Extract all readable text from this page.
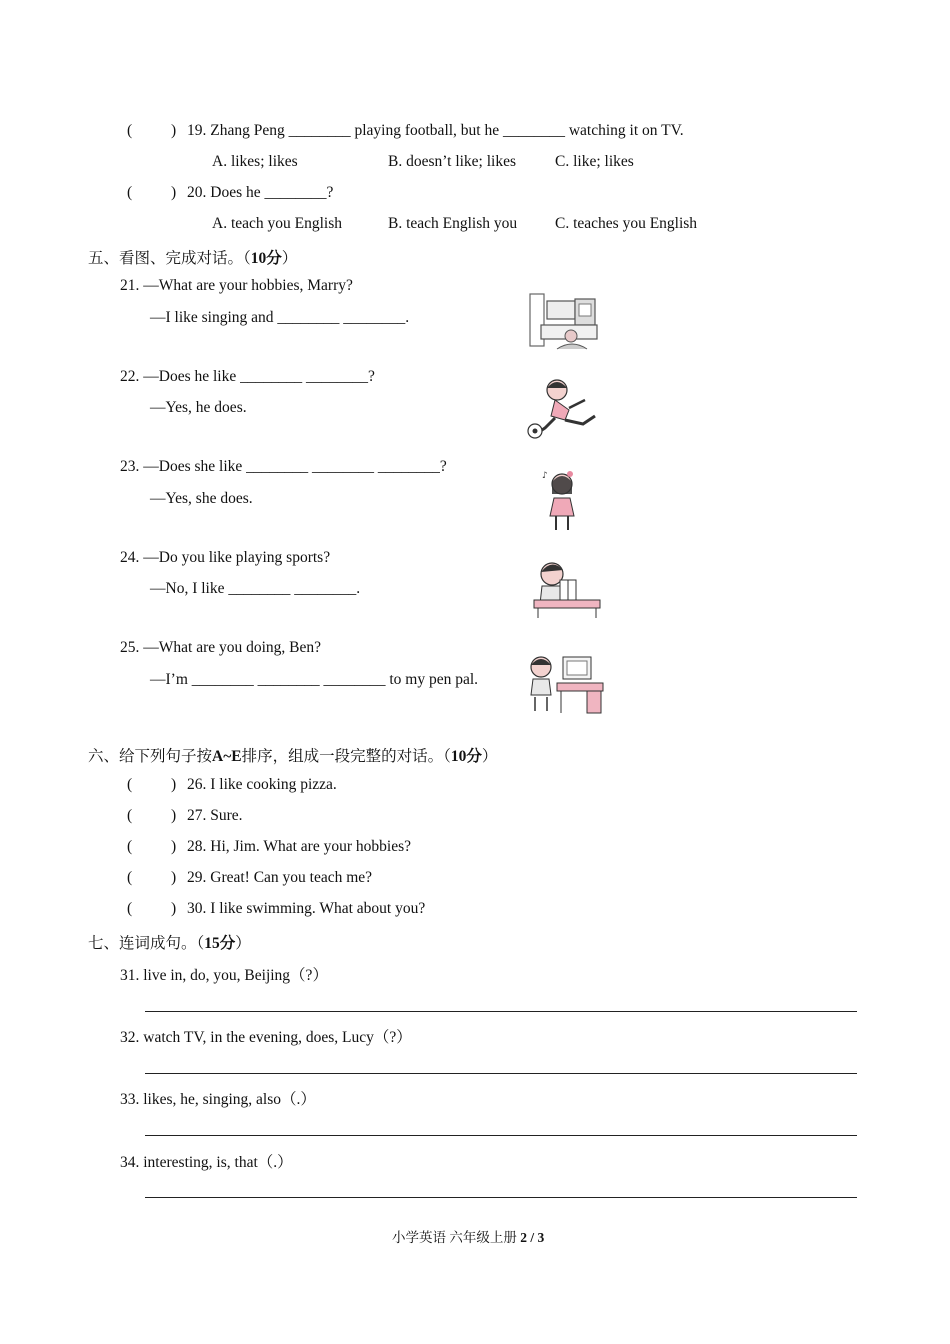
(	) 19. Zhang Peng ________ playing football, but he ________ watching it on TV.
A. likes; likes	B. doesn’t like; likes	C. like; likes
(	) 20. Does he ________?
A. teach you English	B. teach English you C. teaches you English
五、看图、完成对话。（10分）
21. —What are your hobbies, Marry?
—I like singing and ________ ________.
22. —Does he like ________ ________?
—Yes, he does.
23. —Does she like ________ ________ ________?
—Yes, she does.
24. —Do you like playing sports?
—No, I like ________ ________.
25. —What are you doing, Ben?
—I’m ________ ________ ________ to my pen pal.
♪
六、给下列句子按A~E排序，组成一段完整的对话。（10分）
(	) 26. I like cooking pizza.
(	) 27. Sure.
(	) 28. Hi, Jim. What are your hobbies?
(	) 29. Great! Can you teach me?
(	) 30. I like swimming. What about you?
七、连词成句。（15分）
31. live in, do, you, Beijing（?）
32. watch TV, in the evening, does, Lucy（?）
33. likes, he, singing, also（.）
34. interesting, is, that（.）
小学英语 六年级上册 2 / 3
